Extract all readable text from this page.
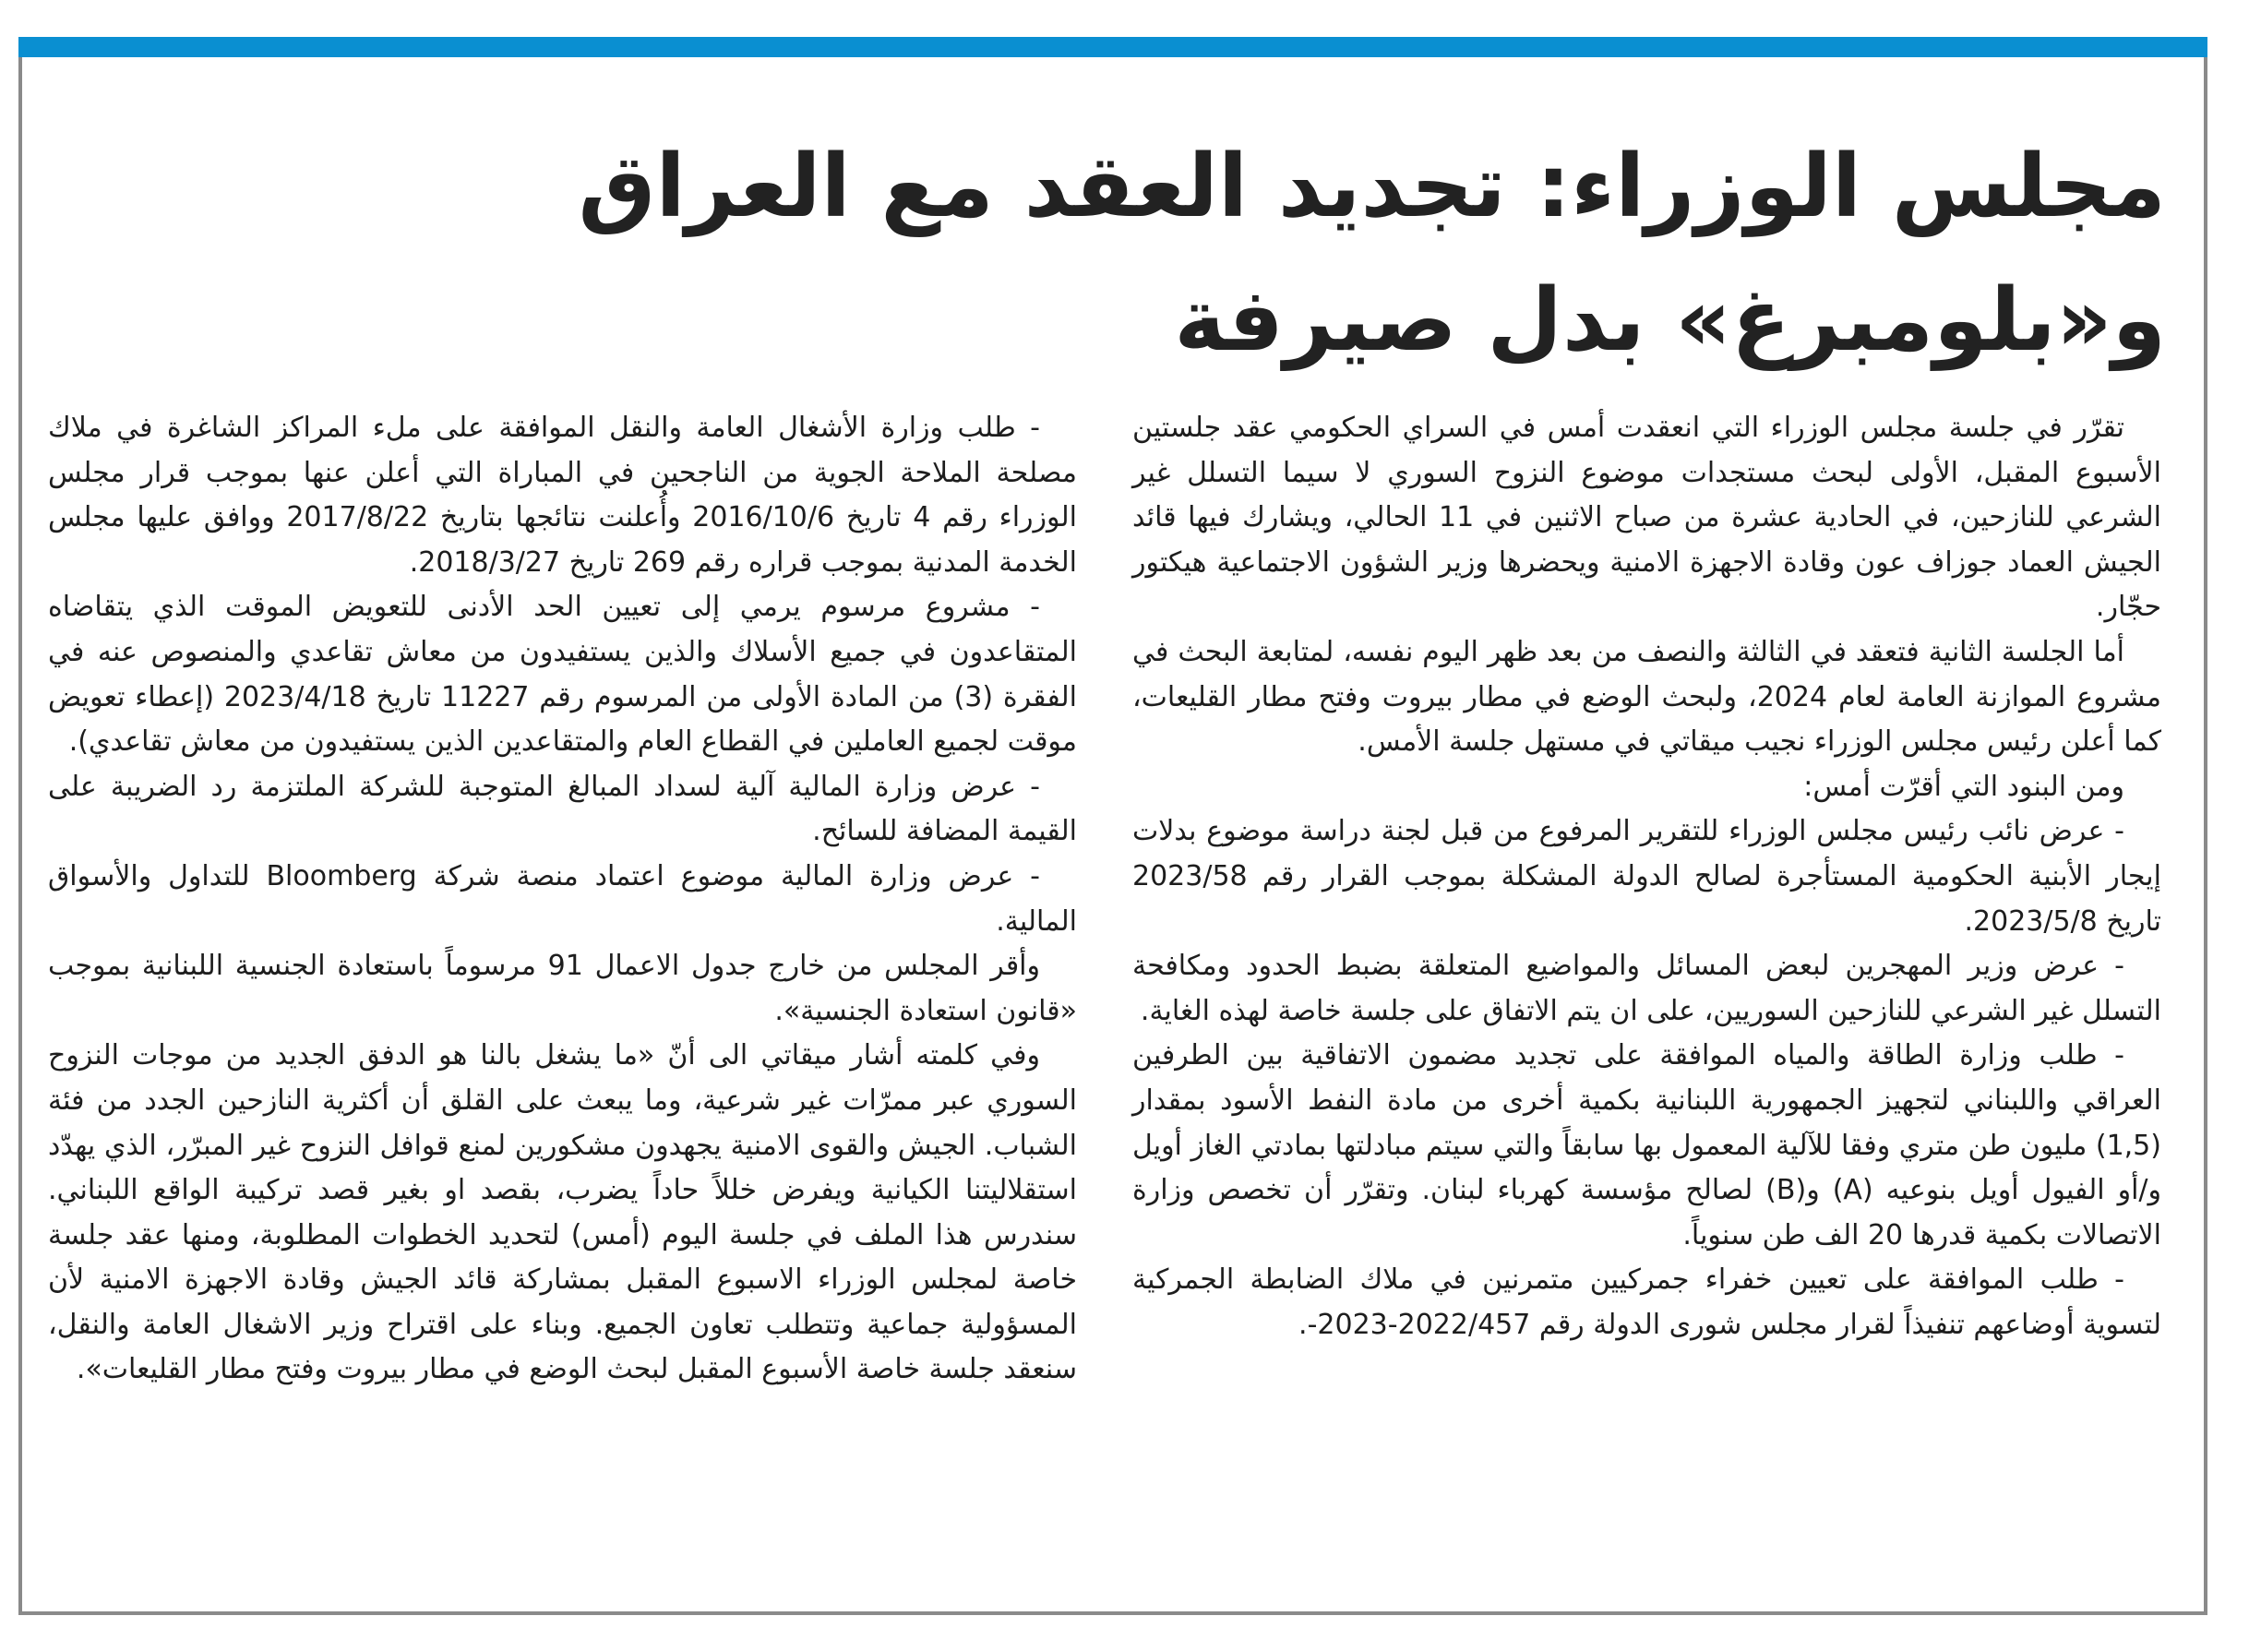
مجلس الوزراء: تجديد العقد مع العراق
و«بلومبرغ» بدل صيرفة

تقرّر في جلسة مجلس الوزراء التي انعقدت أمس في السراي الحكومي عقد جلستين الأسبوع المقبل، الأولى لبحث مستجدات موضوع النزوح السوري لا سيما التسلل غير الشرعي للنازحين، في الحادية عشرة من صباح الاثنين في 11 الحالي، ويشارك فيها قائد الجيش العماد جوزاف عون وقادة الاجهزة الامنية ويحضرها وزير الشؤون الاجتماعية هيكتور حجّار.

أما الجلسة الثانية فتعقد في الثالثة والنصف من بعد ظهر اليوم نفسه، لمتابعة البحث في مشروع الموازنة العامة لعام 2024، ولبحث الوضع في مطار بيروت وفتح مطار القليعات، كما أعلن رئيس مجلس الوزراء نجيب ميقاتي في مستهل جلسة الأمس.

ومن البنود التي أقرّت أمس:

- عرض نائب رئيس مجلس الوزراء للتقرير المرفوع من قبل لجنة دراسة موضوع بدلات إيجار الأبنية الحكومية المستأجرة لصالح الدولة المشكلة بموجب القرار رقم 2023/58 تاريخ 2023/5/8.

- عرض وزير المهجرين لبعض المسائل والمواضيع المتعلقة بضبط الحدود ومكافحة التسلل غير الشرعي للنازحين السوريين، على ان يتم الاتفاق على جلسة خاصة لهذه الغاية.

- طلب وزارة الطاقة والمياه الموافقة على تجديد مضمون الاتفاقية بين الطرفين العراقي واللبناني لتجهيز الجمهورية اللبنانية بكمية أخرى من مادة النفط الأسود بمقدار (1,5) مليون طن متري وفقا للآلية المعمول بها سابقاً والتي سيتم مبادلتها بمادتي الغاز أويل و/أو الفيول أويل بنوعيه (A) و(B) لصالح مؤسسة كهرباء لبنان. وتقرّر أن تخصص وزارة الاتصالات بكمية قدرها 20 الف طن سنوياً.

- طلب الموافقة على تعيين خفراء جمركيين متمرنين في ملاك الضابطة الجمركية لتسوية أوضاعهم تنفيذاً لقرار مجلس شورى الدولة رقم 2022/457-2023-.

- طلب وزارة الأشغال العامة والنقل الموافقة على ملء المراكز الشاغرة في ملاك مصلحة الملاحة الجوية من الناجحين في المباراة التي أعلن عنها بموجب قرار مجلس الوزراء رقم 4 تاريخ 2016/10/6 وأُعلنت نتائجها بتاريخ 2017/8/22 ووافق عليها مجلس الخدمة المدنية بموجب قراره رقم 269 تاريخ 2018/3/27.

- مشروع مرسوم يرمي إلى تعيين الحد الأدنى للتعويض الموقت الذي يتقاضاه المتقاعدون في جميع الأسلاك والذين يستفيدون من معاش تقاعدي والمنصوص عنه في الفقرة (3) من المادة الأولى من المرسوم رقم 11227 تاريخ 2023/4/18 (إعطاء تعويض موقت لجميع العاملين في القطاع العام والمتقاعدين الذين يستفيدون من معاش تقاعدي).

- عرض وزارة المالية آلية لسداد المبالغ المتوجبة للشركة الملتزمة رد الضريبة على القيمة المضافة للسائح.

- عرض وزارة المالية موضوع اعتماد منصة شركة Bloomberg للتداول والأسواق المالية.

وأقر المجلس من خارج جدول الاعمال 91 مرسوماً باستعادة الجنسية اللبنانية بموجب «قانون استعادة الجنسية».

وفي كلمته أشار ميقاتي الى أنّ «ما يشغل بالنا هو الدفق الجديد من موجات النزوح السوري عبر ممرّات غير شرعية، وما يبعث على القلق أن أكثرية النازحين الجدد من فئة الشباب. الجيش والقوى الامنية يجهدون مشكورين لمنع قوافل النزوح غير المبرّر، الذي يهدّد استقلاليتنا الكيانية ويفرض خللاً حاداً يضرب، بقصد او بغير قصد تركيبة الواقع اللبناني. سندرس هذا الملف في جلسة اليوم (أمس) لتحديد الخطوات المطلوبة، ومنها عقد جلسة خاصة لمجلس الوزراء الاسبوع المقبل بمشاركة قائد الجيش وقادة الاجهزة الامنية لأن المسؤولية جماعية وتتطلب تعاون الجميع. وبناء على اقتراح وزير الاشغال العامة والنقل، سنعقد جلسة خاصة الأسبوع المقبل لبحث الوضع في مطار بيروت وفتح مطار القليعات».
